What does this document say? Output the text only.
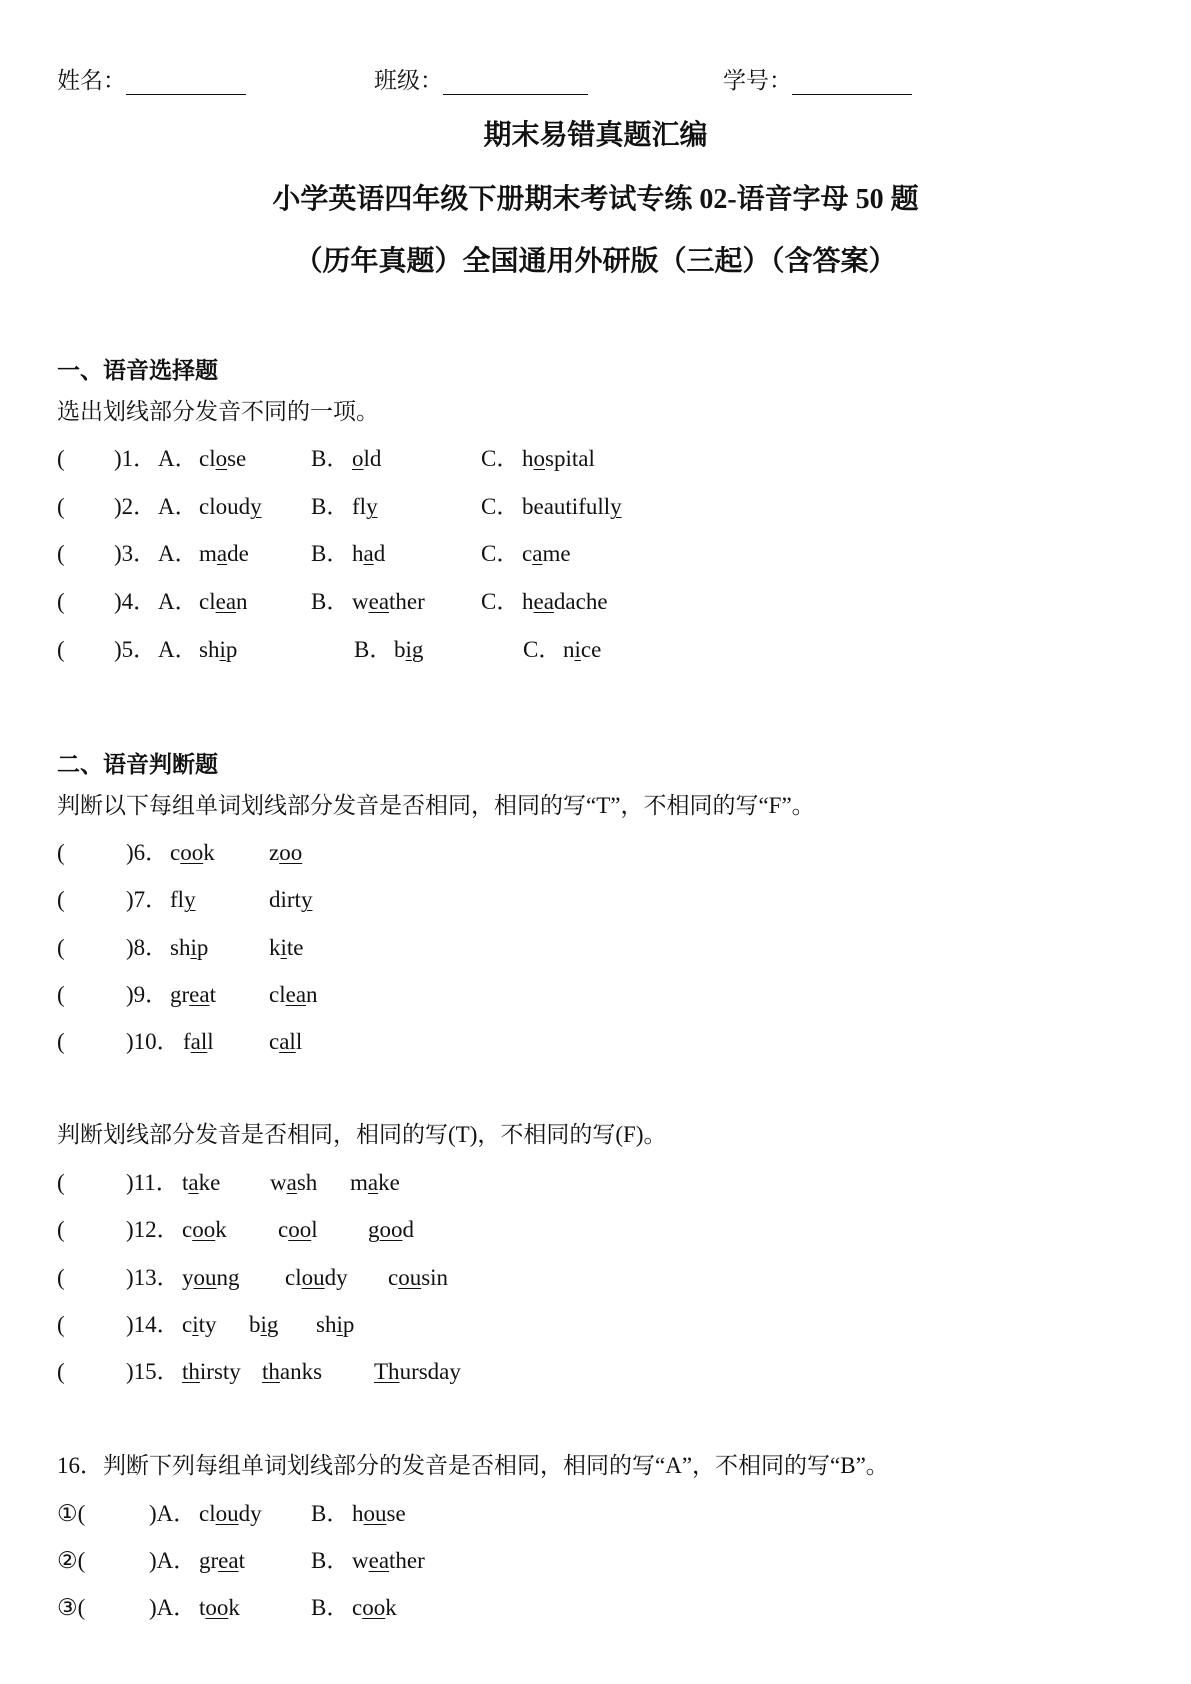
姓名：	班级：	学号：
期末易错真题汇编
小学英语四年级下册期末考试专练 02-语音字母 50 题
（历年真题）全国通用外研版（三起）（含答案）
一、语音选择题
选出划线部分发音不同的一项。
二、语音判断题
判断以下每组单词划线部分发音是否相同，相同的写“T”，不相同的写“F”。
判断划线部分发音是否相同，相同的写(T)，不相同的写(F)。
16．判断下列每组单词划线部分的发音是否相同，相同的写“A”，不相同的写“B”。
( )1． A． close	B． old	C． hospital
( )2． A． cloudy B． fly	C． beautifully
( )3． A． made	B． had	C． came
( )4． A． clean	B． weather C． headache
( )5． A． ship	B． big	C． nice
(	)6． cook zoo
(	)7． fly	dirty
(	)8． ship	kite
(	)9． great clean
(	)10． fall call
(	)11． take wash make
(	)12． cook cool good
(	)13． young cloudy cousin
(	)14． city big ship
(	)15． thirsty thanks Thursday
①(	)A． cloudy B． house
②(	)A． great	B． weather
③(	)A． took	B． cook
